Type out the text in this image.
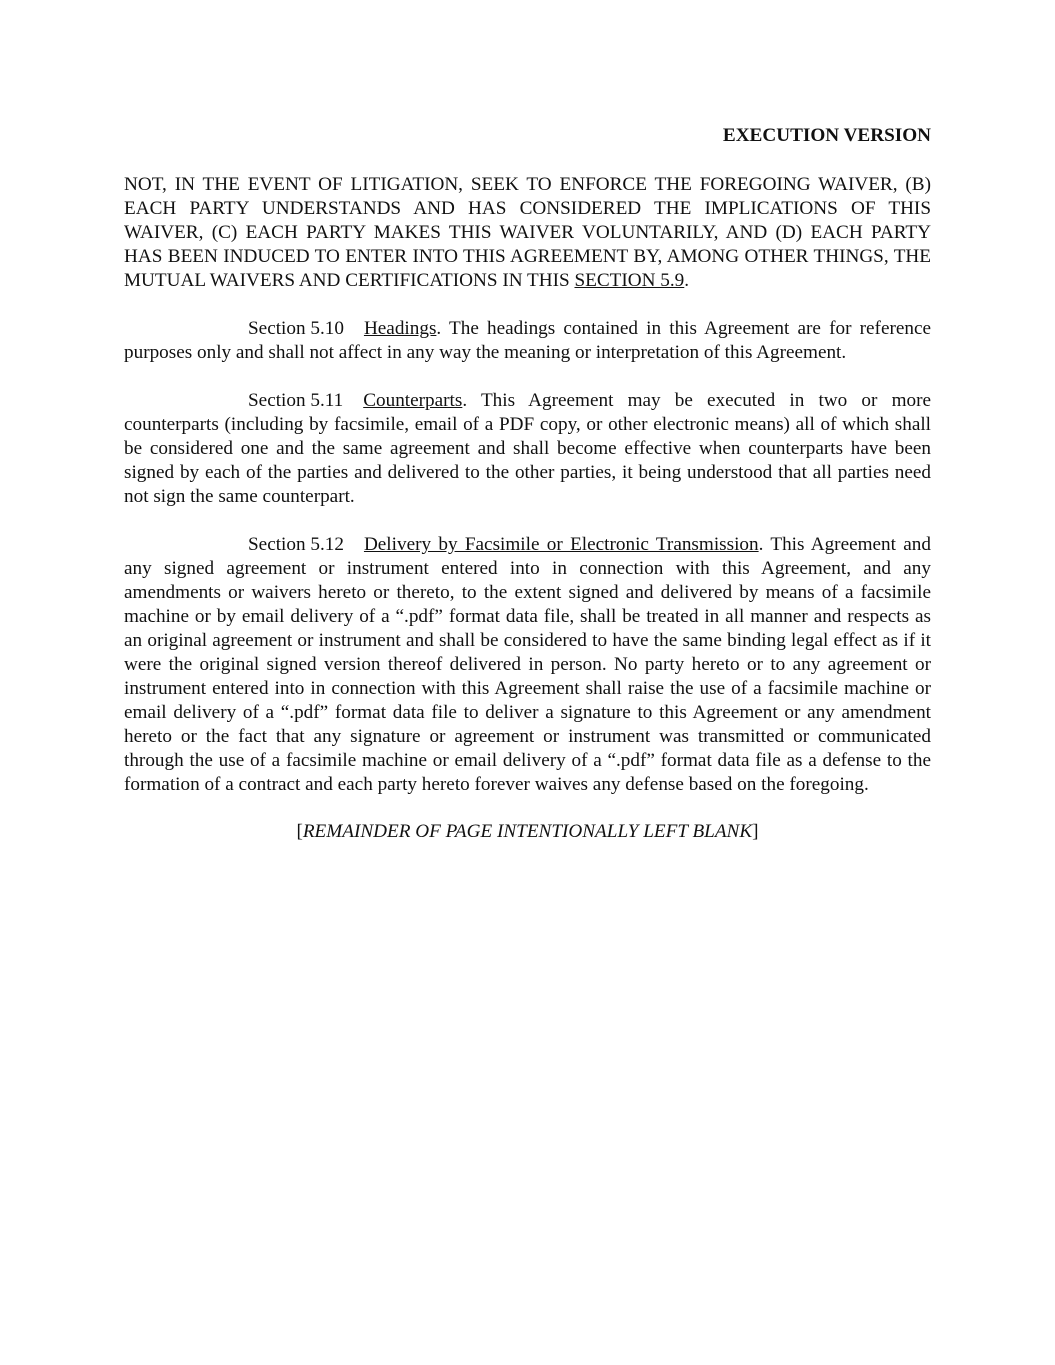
EXECUTION VERSION

NOT, IN THE EVENT OF LITIGATION, SEEK TO ENFORCE THE FOREGOING WAIVER, (B) EACH PARTY UNDERSTANDS AND HAS CONSIDERED THE IMPLICATIONS OF THIS WAIVER, (C) EACH PARTY MAKES THIS WAIVER VOLUNTARILY, AND (D) EACH PARTY HAS BEEN INDUCED TO ENTER INTO THIS AGREEMENT BY, AMONG OTHER THINGS, THE MUTUAL WAIVERS AND CERTIFICATIONS IN THIS SECTION 5.9.

Section 5.10 Headings. The headings contained in this Agreement are for reference purposes only and shall not affect in any way the meaning or interpretation of this Agreement.

Section 5.11 Counterparts. This Agreement may be executed in two or more counterparts (including by facsimile, email of a PDF copy, or other electronic means) all of which shall be considered one and the same agreement and shall become effective when counterparts have been signed by each of the parties and delivered to the other parties, it being understood that all parties need not sign the same counterpart.

Section 5.12 Delivery by Facsimile or Electronic Transmission. This Agreement and any signed agreement or instrument entered into in connection with this Agreement, and any amendments or waivers hereto or thereto, to the extent signed and delivered by means of a facsimile machine or by email delivery of a “.pdf” format data file, shall be treated in all manner and respects as an original agreement or instrument and shall be considered to have the same binding legal effect as if it were the original signed version thereof delivered in person. No party hereto or to any agreement or instrument entered into in connection with this Agreement shall raise the use of a facsimile machine or email delivery of a “.pdf” format data file to deliver a signature to this Agreement or any amendment hereto or the fact that any signature or agreement or instrument was transmitted or communicated through the use of a facsimile machine or email delivery of a “.pdf” format data file as a defense to the formation of a contract and each party hereto forever waives any defense based on the foregoing.

[REMAINDER OF PAGE INTENTIONALLY LEFT BLANK]
